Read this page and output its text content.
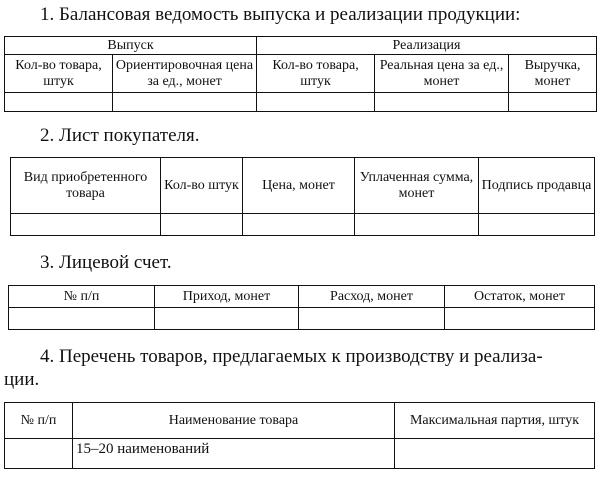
1. Балансовая ведомость выпуска и реализации продукции:
Выпуск		Реализация		
Кол-во товара, штук	Ориентировочная цена за ед., монет	Кол-во товара, штук	Реальная цена за ед., монет	Выручка, монет

2. Лист покупателя.
Вид приобретенного товара	Кол-во штук	Цена, монет	Уплаченная сумма, монет	Подпись продавца

3. Лицевой счет.
№ п/п	Приход, монет	Расход, монет	Остаток, монет

4. Перечень товаров, предлагаемых к производству и реализа-
ции.
№ п/п	Наименование товара	Максимальная партия, штук
	15–20 наименований	
